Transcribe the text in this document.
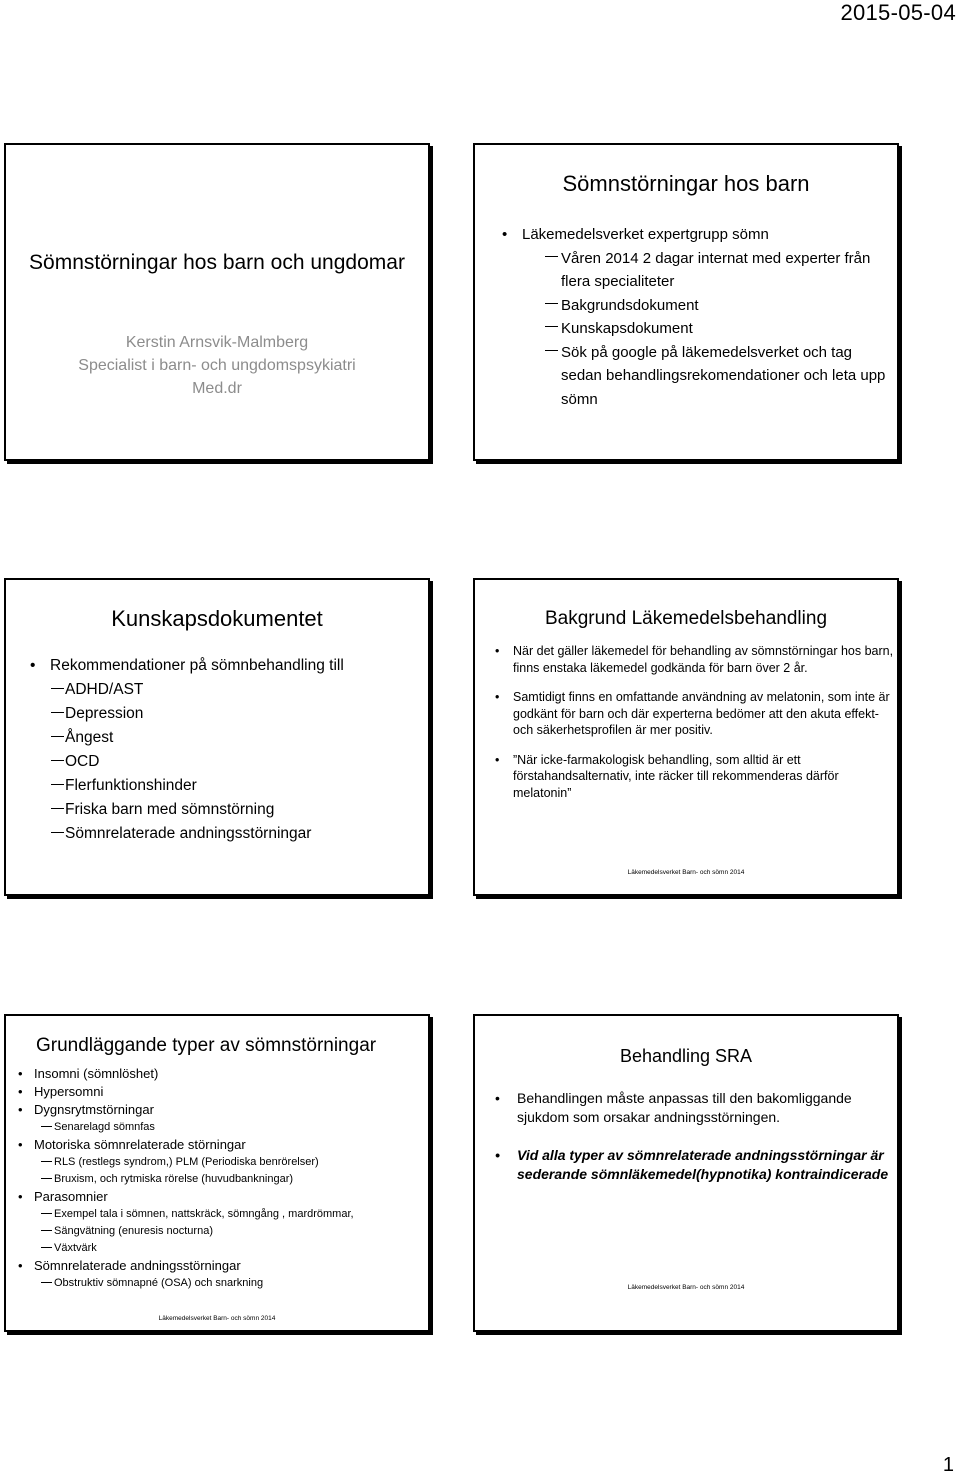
2015-05-04
Sömnstörningar hos barn och ungdomar
Kerstin Arnsvik-Malmberg
Specialist i barn- och ungdomspsykiatri
Med.dr
Sömnstörningar hos barn
• Läkemedelsverket expertgrupp sömn
Våren 2014 2 dagar internat med experter från flera specialiteter
Bakgrundsdokument
Kunskapsdokument
Sök på google på läkemedelsverket och tag sedan behandlingsrekomendationer och leta upp sömn
Kunskapsdokumentet
• Rekommendationer på sömnbehandling till
ADHD/AST
Depression
Ångest
OCD
Flerfunktionshinder
Friska barn med sömnstörning
Sömnrelaterade andningsstörningar
Bakgrund Läkemedelsbehandling
• När det gäller läkemedel för behandling av sömnstörningar hos barn, finns enstaka läkemedel godkända för barn över 2 år.
• Samtidigt finns en omfattande användning av melatonin, som inte är godkänt för barn och där experterna bedömer att den akuta effekt- och säkerhetsprofilen är mer positiv.
• ”När icke-farmakologisk behandling, som alltid är ett förstahandsalternativ, inte räcker till rekommenderas därför melatonin”
Läkemedelsverket Barn- och sömn 2014
Grundläggande typer av sömnstörningar
• Insomni (sömnlöshet)
• Hypersomni
• Dygnsrytmstörningar
Senarelagd sömnfas
• Motoriska sömnrelaterade störningar
RLS (restlegs syndrom,) PLM (Periodiska benrörelser)
Bruxism, och rytmiska rörelse (huvudbankningar)
• Parasomnier
Exempel tala i sömnen, nattskräck, sömngång , mardrömmar,
Sängvätning (enuresis nocturna)
Växtvärk
• Sömnrelaterade andningsstörningar
Obstruktiv sömnapné (OSA) och snarkning
Läkemedelsverket Barn- och sömn 2014
Behandling SRA
• Behandlingen måste anpassas till den bakomliggande sjukdom som orsakar andningsstörningen.
• Vid alla typer av sömnrelaterade andningsstörningar är sederande sömnläkemedel(hypnotika) kontraindicerade
Läkemedelsverket Barn- och sömn 2014
1
